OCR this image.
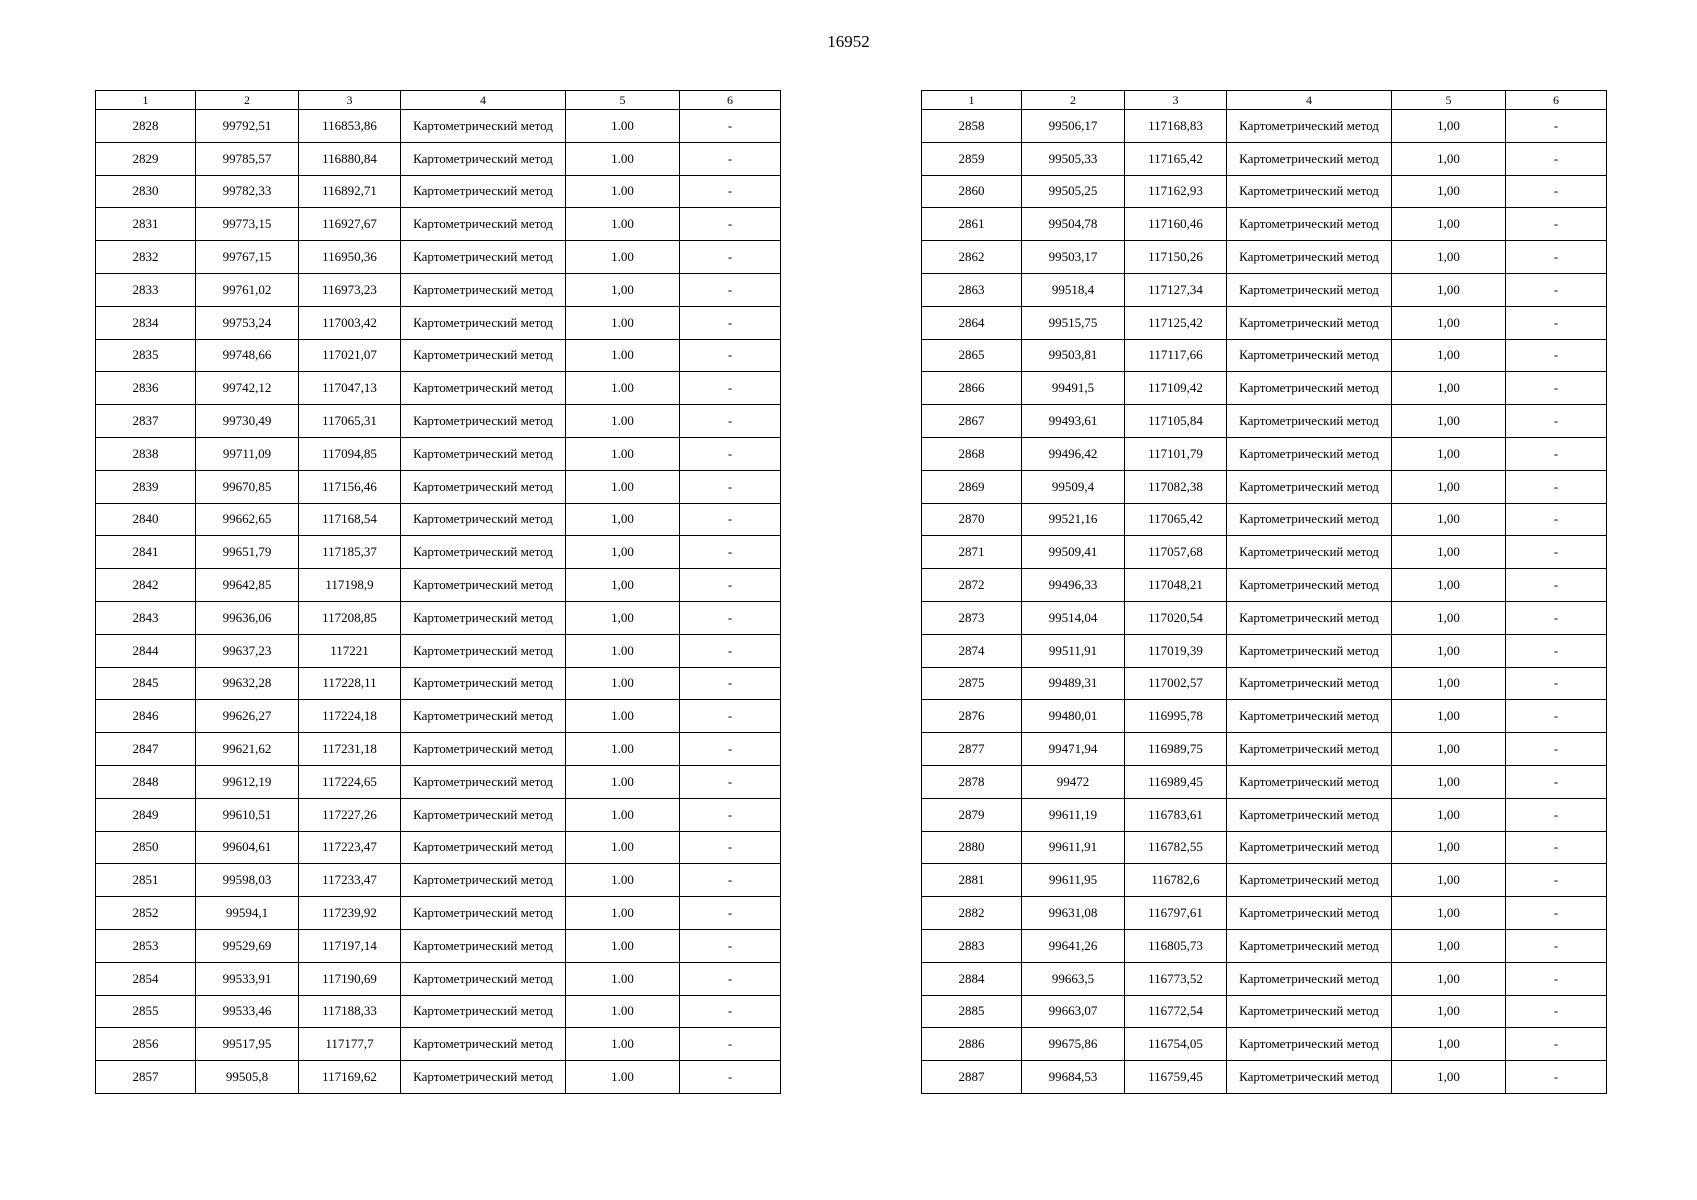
16952
1	2	3	4	5	6
2828	99792,51	116853,86	Картометрический метод	1.00	-
2829	99785,57	116880,84	Картометрический метод	1.00	-
2830	99782,33	116892,71	Картометрический метод	1.00	-
2831	99773,15	116927,67	Картометрический метод	1.00	-
2832	99767,15	116950,36	Картометрический метод	1.00	-
2833	99761,02	116973,23	Картометрический метод	1,00	-
2834	99753,24	117003,42	Картометрический метод	1.00	-
2835	99748,66	117021,07	Картометрический метод	1.00	-
2836	99742,12	117047,13	Картометрический метод	1.00	-
2837	99730,49	117065,31	Картометрический метод	1.00	-
2838	99711,09	117094,85	Картометрический метод	1.00	-
2839	99670,85	117156,46	Картометрический метод	1.00	-
2840	99662,65	117168,54	Картометрический метод	1,00	-
2841	99651,79	117185,37	Картометрический метод	1,00	-
2842	99642,85	117198,9	Картометрический метод	1,00	-
2843	99636,06	117208,85	Картометрический метод	1,00	-
2844	99637,23	117221	Картометрический метод	1.00	-
2845	99632,28	117228,11	Картометрический метод	1.00	-
2846	99626,27	117224,18	Картометрический метод	1.00	-
2847	99621,62	117231,18	Картометрический метод	1.00	-
2848	99612,19	117224,65	Картометрический метод	1.00	-
2849	99610,51	117227,26	Картометрический метод	1.00	-
2850	99604,61	117223,47	Картометрический метод	1.00	-
2851	99598,03	117233,47	Картометрический метод	1.00	-
2852	99594,1	117239,92	Картометрический метод	1.00	-
2853	99529,69	117197,14	Картометрический метод	1.00	-
2854	99533,91	117190,69	Картометрический метод	1.00	-
2855	99533,46	117188,33	Картометрический метод	1.00	-
2856	99517,95	117177,7	Картометрический метод	1.00	-
2857	99505,8	117169,62	Картометрический метод	1.00	-
1	2	3	4	5	6
2858	99506,17	117168,83	Картометрический метод	1,00	-
2859	99505,33	117165,42	Картометрический метод	1,00	-
2860	99505,25	117162,93	Картометрический метод	1,00	-
2861	99504,78	117160,46	Картометрический метод	1,00	-
2862	99503,17	117150,26	Картометрический метод	1,00	-
2863	99518,4	117127,34	Картометрический метод	1,00	-
2864	99515,75	117125,42	Картометрический метод	1,00	-
2865	99503,81	117117,66	Картометрический метод	1,00	-
2866	99491,5	117109,42	Картометрический метод	1,00	-
2867	99493,61	117105,84	Картометрический метод	1,00	-
2868	99496,42	117101,79	Картометрический метод	1,00	-
2869	99509,4	117082,38	Картометрический метод	1,00	-
2870	99521,16	117065,42	Картометрический метод	1,00	-
2871	99509,41	117057,68	Картометрический метод	1,00	-
2872	99496,33	117048,21	Картометрический метод	1,00	-
2873	99514,04	117020,54	Картометрический метод	1,00	-
2874	99511,91	117019,39	Картометрический метод	1,00	-
2875	99489,31	117002,57	Картометрический метод	1,00	-
2876	99480,01	116995,78	Картометрический метод	1,00	-
2877	99471,94	116989,75	Картометрический метод	1,00	-
2878	99472	116989,45	Картометрический метод	1,00	-
2879	99611,19	116783,61	Картометрический метод	1,00	-
2880	99611,91	116782,55	Картометрический метод	1,00	-
2881	99611,95	116782,6	Картометрический метод	1,00	-
2882	99631,08	116797,61	Картометрический метод	1,00	-
2883	99641,26	116805,73	Картометрический метод	1,00	-
2884	99663,5	116773,52	Картометрический метод	1,00	-
2885	99663,07	116772,54	Картометрический метод	1,00	-
2886	99675,86	116754,05	Картометрический метод	1,00	-
2887	99684,53	116759,45	Картометрический метод	1,00	-
